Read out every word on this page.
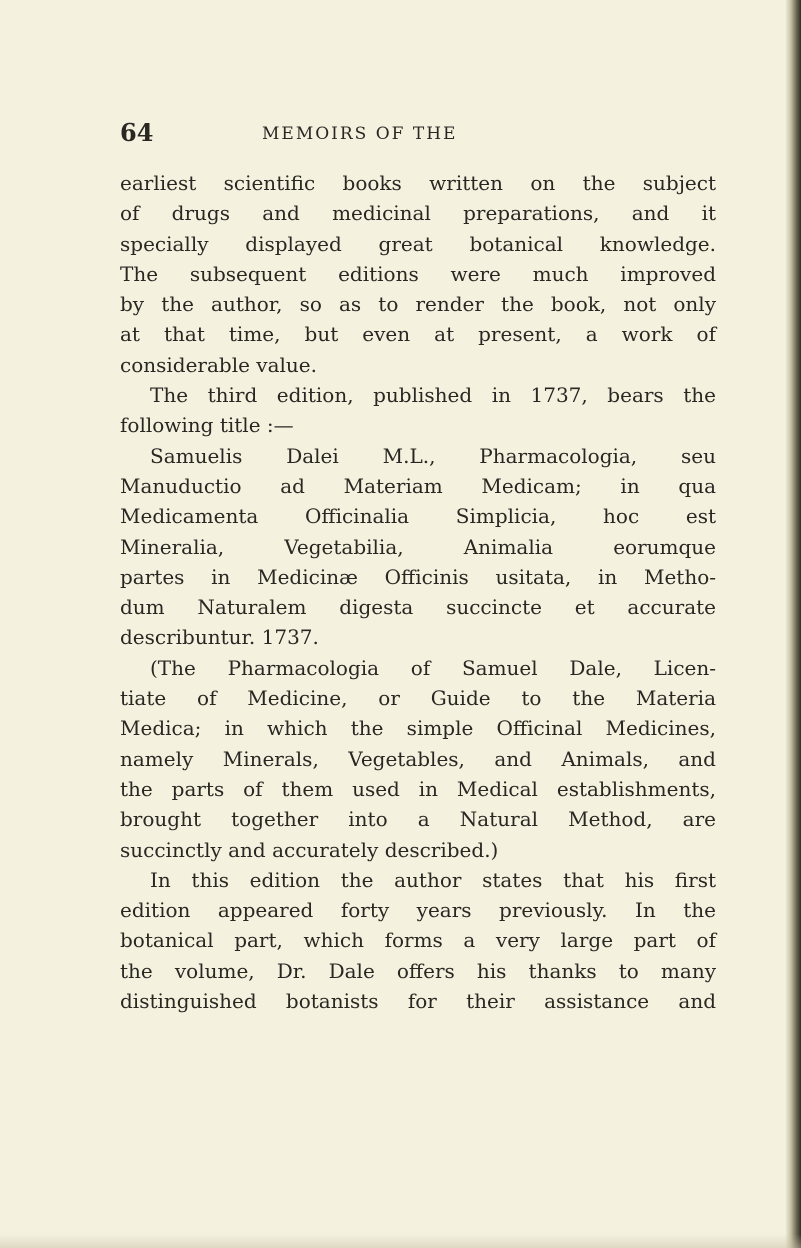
64	MEMOIRS OF THE
earliest scientific books written on the subject
of drugs and medicinal preparations, and it
specially displayed great botanical knowledge.
The subsequent editions were much improved
by the author, so as to render the book, not only
at that time, but even at present, a work of
considerable value.
The third edition, published in 1737, bears the
following title :—
Samuelis Dalei M.L., Pharmacologia, seu
Manuductio ad Materiam Medicam; in qua
Medicamenta Officinalia Simplicia, hoc est
Mineralia, Vegetabilia, Animalia eorumque
partes in Medicinæ Officinis usitata, in Metho-
dum Naturalem digesta succincte et accurate
describuntur. 1737.
(The Pharmacologia of Samuel Dale, Licen-
tiate of Medicine, or Guide to the Materia
Medica; in which the simple Officinal Medicines,
namely Minerals, Vegetables, and Animals, and
the parts of them used in Medical establishments,
brought together into a Natural Method, are
succinctly and accurately described.)
In this edition the author states that his first
edition appeared forty years previously. In the
botanical part, which forms a very large part of
the volume, Dr. Dale offers his thanks to many
distinguished botanists for their assistance and
